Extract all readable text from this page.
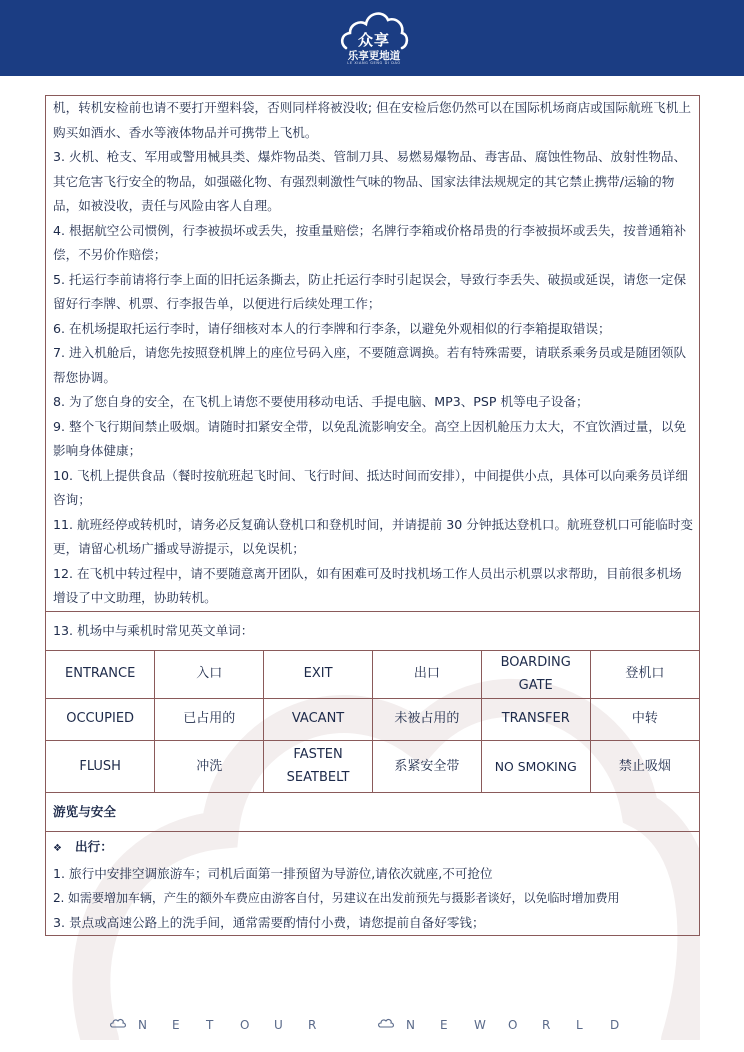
众享
乐享更地道
LE XIANG GENG DI DAO
机，转机安检前也请不要打开塑料袋，否则同样将被没收; 但在安检后您仍然可以在国际机场商店或国际航班飞机上购买如酒水、香水等液体物品并可携带上飞机。
3. 火机、枪支、军用或警用械具类、爆炸物品类、管制刀具、易燃易爆物品、毒害品、腐蚀性物品、放射性物品、其它危害飞行安全的物品，如强磁化物、有强烈刺激性气味的物品、国家法律法规规定的其它禁止携带/运输的物品，如被没收，责任与风险由客人自理。
4. 根据航空公司惯例，行李被损坏或丢失，按重量赔偿；名牌行李箱或价格昂贵的行李被损坏或丢失，按普通箱补偿，不另价作赔偿；
5. 托运行李前请将行李上面的旧托运条撕去，防止托运行李时引起误会，导致行李丢失、破损或延误，请您一定保留好行李牌、机票、行李报告单，以便进行后续处理工作；
6. 在机场提取托运行李时，请仔细核对本人的行李牌和行李条，以避免外观相似的行李箱提取错误；
7. 进入机舱后，请您先按照登机牌上的座位号码入座，不要随意调换。若有特殊需要，请联系乘务员或是随团领队帮您协调。
8. 为了您自身的安全，在飞机上请您不要使用移动电话、手提电脑、MP3、PSP 机等电子设备；
9. 整个飞行期间禁止吸烟。请随时扣紧安全带，以免乱流影响安全。高空上因机舱压力太大，不宜饮酒过量，以免影响身体健康；
10. 飞机上提供食品（餐时按航班起飞时间、飞行时间、抵达时间而安排），中间提供小点，具体可以向乘务员详细咨询；
11. 航班经停或转机时，请务必反复确认登机口和登机时间，并请提前 30 分钟抵达登机口。航班登机口可能临时变更，请留心机场广播或导游提示，以免误机；
12. 在飞机中转过程中，请不要随意离开团队，如有困难可及时找机场工作人员出示机票以求帮助，目前很多机场增设了中文助理，协助转机。
13. 机场中与乘机时常见英文单词：
ENTRANCE	入口	EXIT	出口	BOARDING GATE	登机口
OCCUPIED	已占用的	VACANT	未被占用的	TRANSFER	中转
FLUSH	冲洗	FASTEN SEATBELT	系紧安全带	NO SMOKING	禁止吸烟
游览与安全
❖ 出行：
1. 旅行中安排空调旅游车；司机后面第一排预留为导游位,请依次就座,不可抢位
2. 如需要增加车辆，产生的额外车费应由游客自付，另建议在出发前预先与摄影者谈好，以免临时增加费用
3. 景点或高速公路上的洗手间，通常需要酌情付小费，请您提前自备好零钱；
N	E	T	O	U	R	N	E	W	O	R	L	D
